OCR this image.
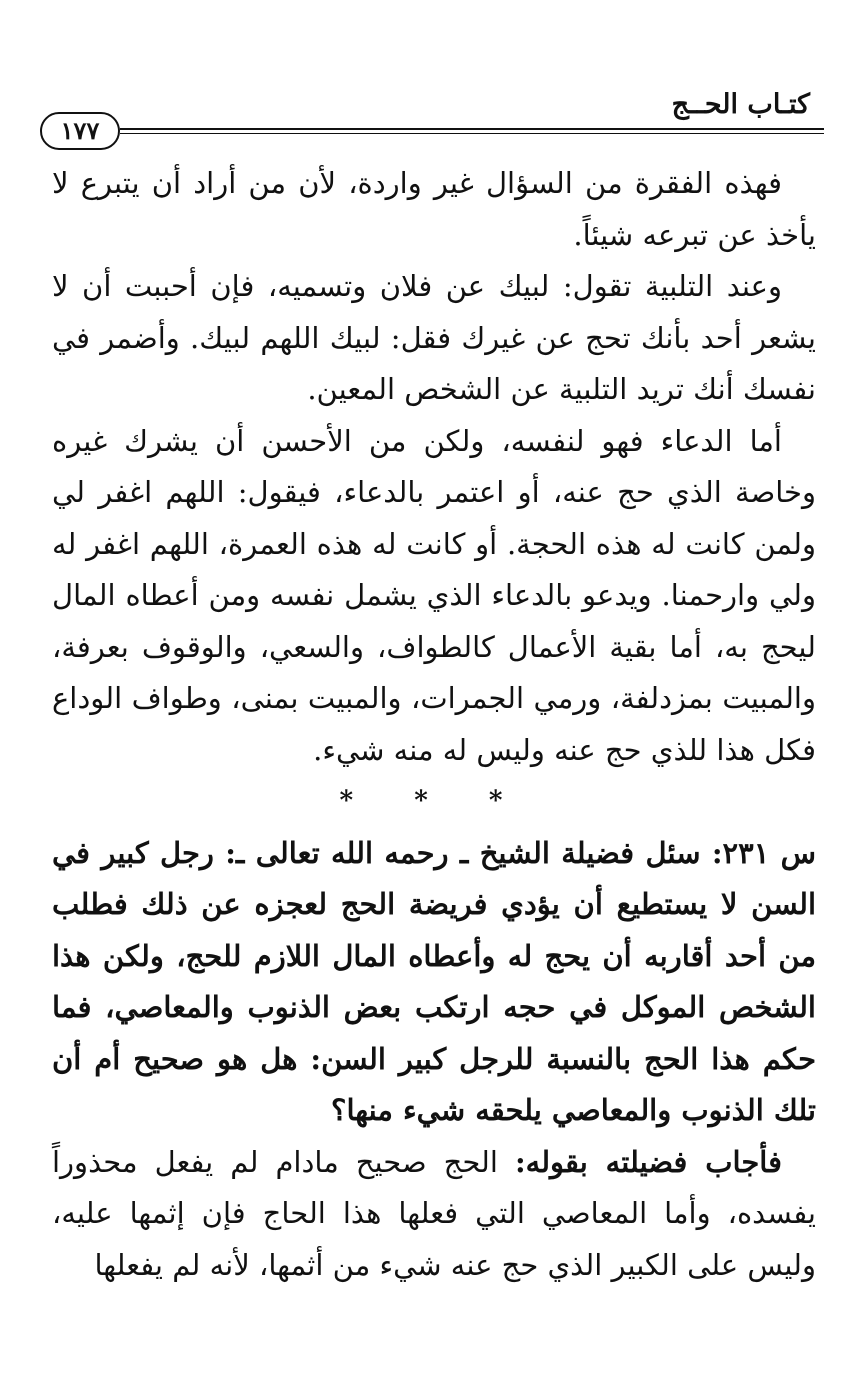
كتـاب الحــج
١٧٧

فهذه الفقرة من السؤال غير واردة، لأن من أراد أن يتبرع لا يأخذ عن تبرعه شيئاً.

وعند التلبية تقول: لبيك عن فلان وتسميه، فإن أحببت أن لا يشعر أحد بأنك تحج عن غيرك فقل: لبيك اللهم لبيك. وأضمر في نفسك أنك تريد التلبية عن الشخص المعين.

أما الدعاء فهو لنفسه، ولكن من الأحسن أن يشرك غيره وخاصة الذي حج عنه، أو اعتمر بالدعاء، فيقول: اللهم اغفر لي ولمن كانت له هذه الحجة. أو كانت له هذه العمرة، اللهم اغفر له ولي وارحمنا. ويدعو بالدعاء الذي يشمل نفسه ومن أعطاه المال ليحج به، أما بقية الأعمال كالطواف، والسعي، والوقوف بعرفة، والمبيت بمزدلفة، ورمي الجمرات، والمبيت بمنى، وطواف الوداع فكل هذا للذي حج عنه وليس له منه شيء.

* * *

س ٢٣١: سئل فضيلة الشيخ ـ رحمه الله تعالى ـ: رجل كبير في السن لا يستطيع أن يؤدي فريضة الحج لعجزه عن ذلك فطلب من أحد أقاربه أن يحج له وأعطاه المال اللازم للحج، ولكن هذا الشخص الموكل في حجه ارتكب بعض الذنوب والمعاصي، فما حكم هذا الحج بالنسبة للرجل كبير السن: هل هو صحيح أم أن تلك الذنوب والمعاصي يلحقه شيء منها؟

فأجاب فضيلته بقوله: الحج صحيح مادام لم يفعل محذوراً يفسده، وأما المعاصي التي فعلها هذا الحاج فإن إثمها عليه، وليس على الكبير الذي حج عنه شيء من أثمها، لأنه لم يفعلها
